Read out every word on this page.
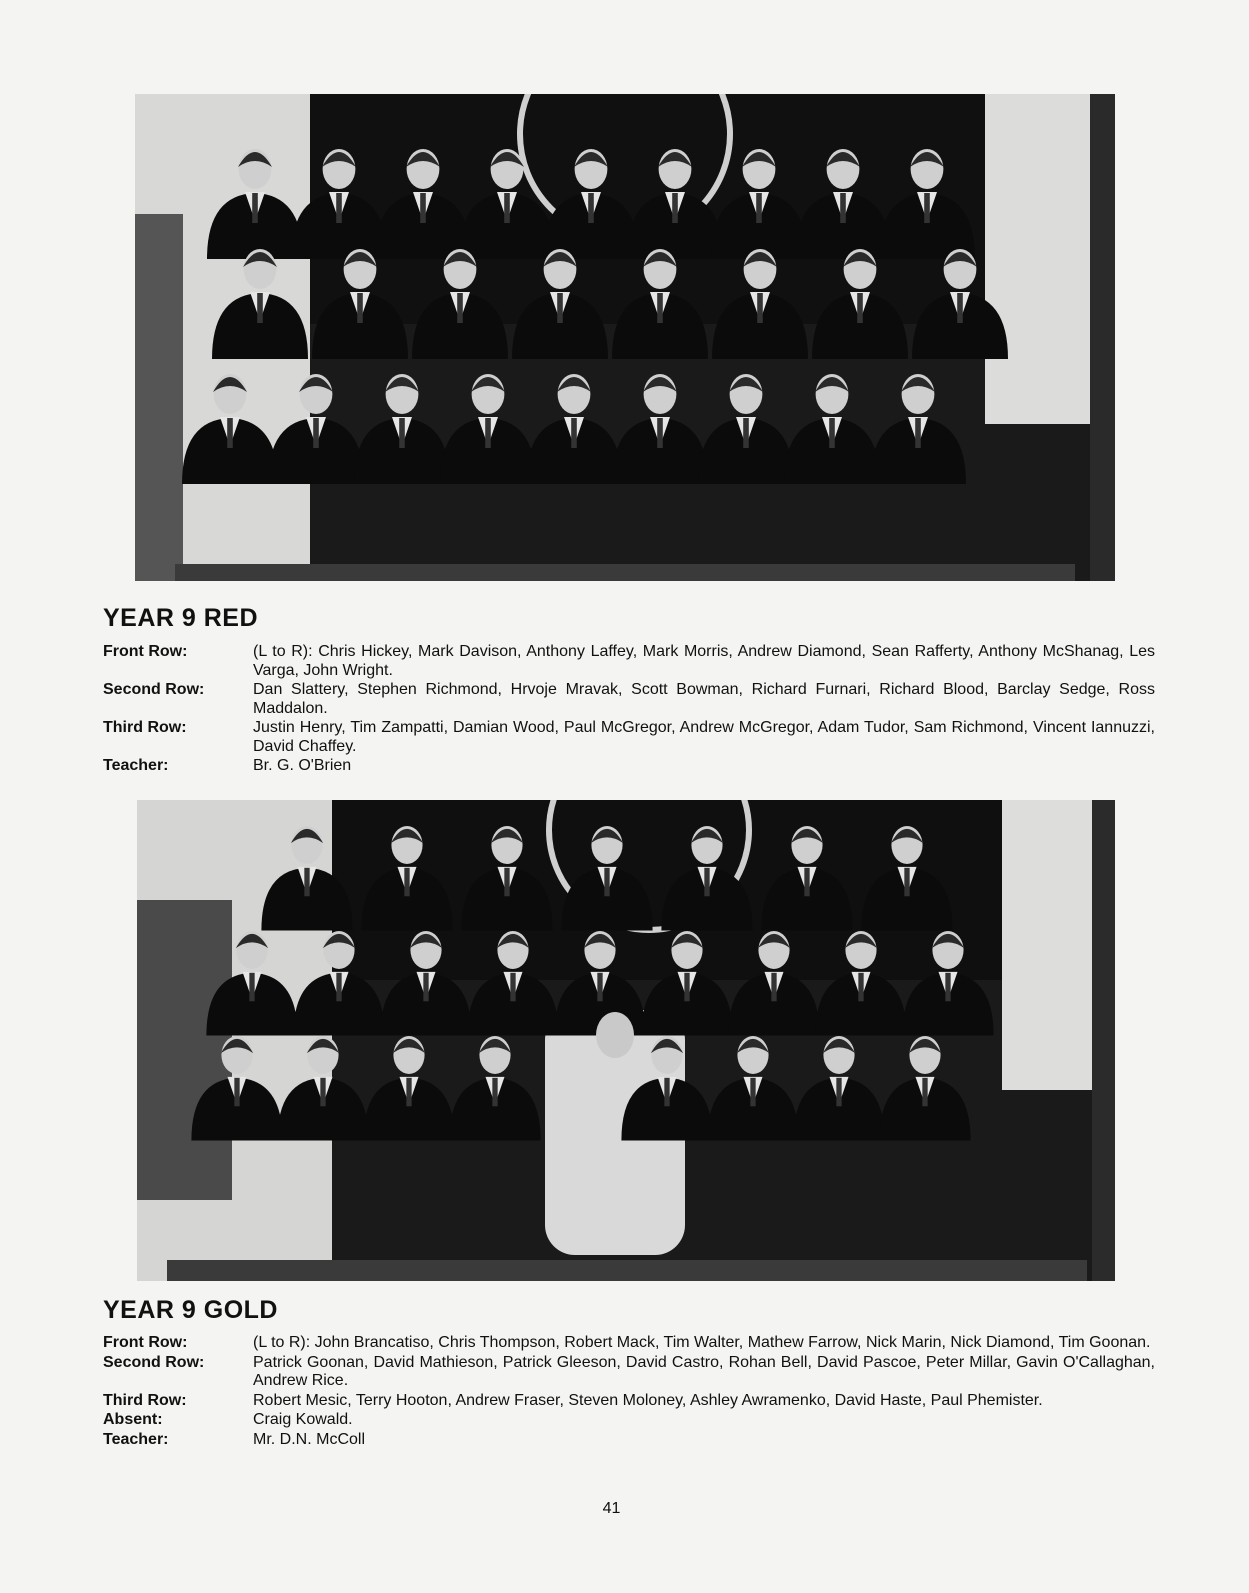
YEAR 9 RED
Front Row:	(L to R): Chris Hickey, Mark Davison, Anthony Laffey, Mark Morris, Andrew Diamond, Sean Rafferty, Anthony McShanag, Les Varga, John Wright.
Second Row:	Dan Slattery, Stephen Richmond, Hrvoje Mravak, Scott Bowman, Richard Furnari, Richard Blood, Barclay Sedge, Ross Maddalon.
Third Row:	Justin Henry, Tim Zampatti, Damian Wood, Paul McGregor, Andrew McGregor, Adam Tudor, Sam Richmond, Vincent Iannuzzi, David Chaffey.
Teacher:	Br. G. O'Brien
YEAR 9 GOLD
Front Row:	(L to R): John Brancatiso, Chris Thompson, Robert Mack, Tim Walter, Mathew Farrow, Nick Marin, Nick Diamond, Tim Goonan.
Second Row:	Patrick Goonan, David Mathieson, Patrick Gleeson, David Castro, Rohan Bell, David Pascoe, Peter Millar, Gavin O'Callaghan, Andrew Rice.
Third Row:	Robert Mesic, Terry Hooton, Andrew Fraser, Steven Moloney, Ashley Awramenko, David Haste, Paul Phemister.
Absent:	Craig Kowald.
Teacher:	Mr. D.N. McColl
41
